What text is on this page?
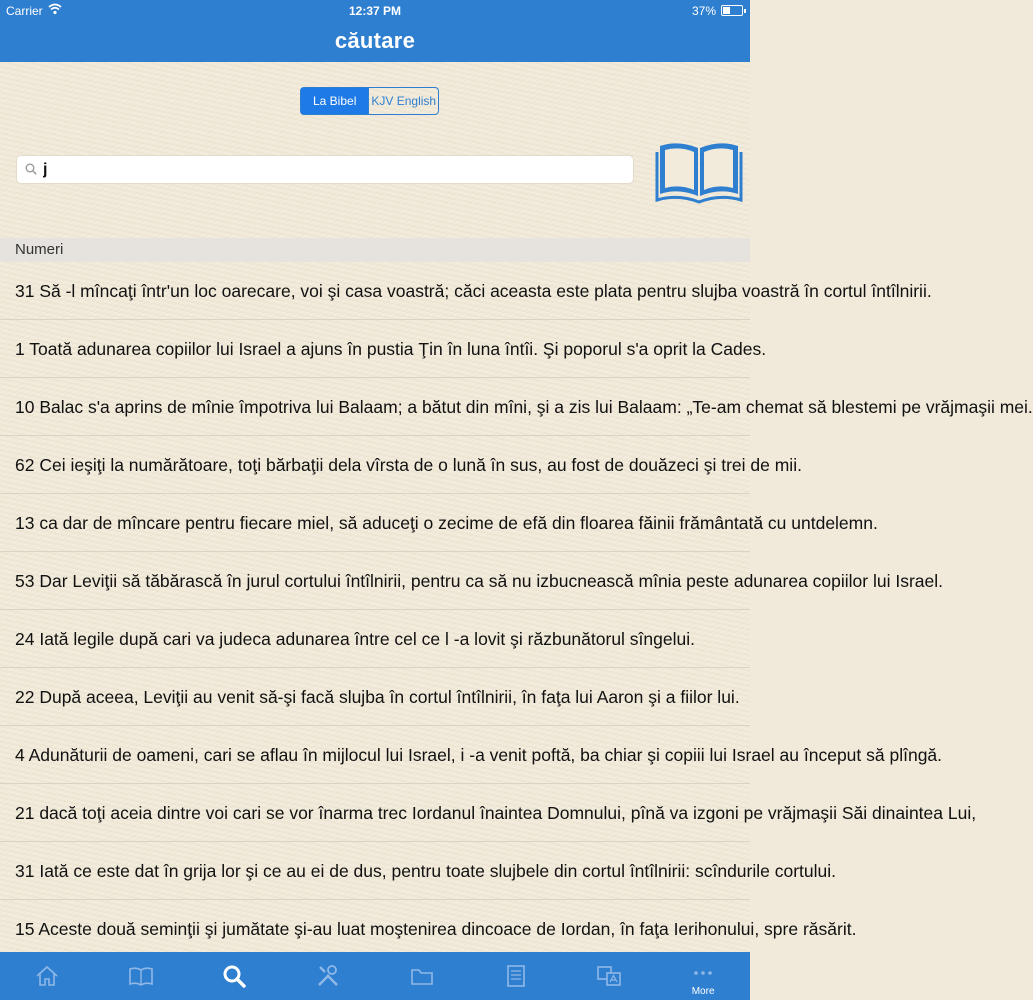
Carrier	12:37 PM	37%
căutare
La Bibel	KJV English
j
Numeri
31 Să -l mîncaţi într'un loc oarecare, voi şi casa voastră; căci aceasta este plata pentru slujba voastră în cortul întîlnirii.
1 Toată adunarea copiilor lui Israel a ajuns în pustia Ţin în luna întîi. Şi poporul s'a oprit la Cades.
10 Balac s'a aprins de mînie împotriva lui Balaam; a bătut din mîni, şi a zis lui Balaam: „Te-am chemat să blestemi pe vrăjmaşii mei.
62 Cei ieşiţi la numărătoare, toţi bărbaţii dela vîrsta de o lună în sus, au fost de douăzeci şi trei de mii.
13 ca dar de mîncare pentru fiecare miel, să aduceţi o zecime de efă din floarea făinii frământată cu untdelemn.
53 Dar Leviţii să tăbărască în jurul cortului întîlnirii, pentru ca să nu izbucnească mînia peste adunarea copiilor lui Israel.
24 Iată legile după cari va judeca adunarea între cel ce l -a lovit şi răzbunătorul sîngelui.
22 După aceea, Leviţii au venit să-şi facă slujba în cortul întîlnirii, în faţa lui Aaron şi a fiilor lui.
4 Adunăturii de oameni, cari se aflau în mijlocul lui Israel, i -a venit poftă, ba chiar şi copiii lui Israel au început să plîngă.
21 dacă toţi aceia dintre voi cari se vor înarma trec Iordanul înaintea Domnului, pînă va izgoni pe vrăjmaşii Săi dinaintea Lui,
31 Iată ce este dat în grija lor şi ce au ei de dus, pentru toate slujbele din cortul întîlnirii: scîndurile cortului.
15 Aceste două seminţii şi jumătate şi-au luat moştenirea dincoace de Iordan, în faţa Ierihonului, spre răsărit.
More
